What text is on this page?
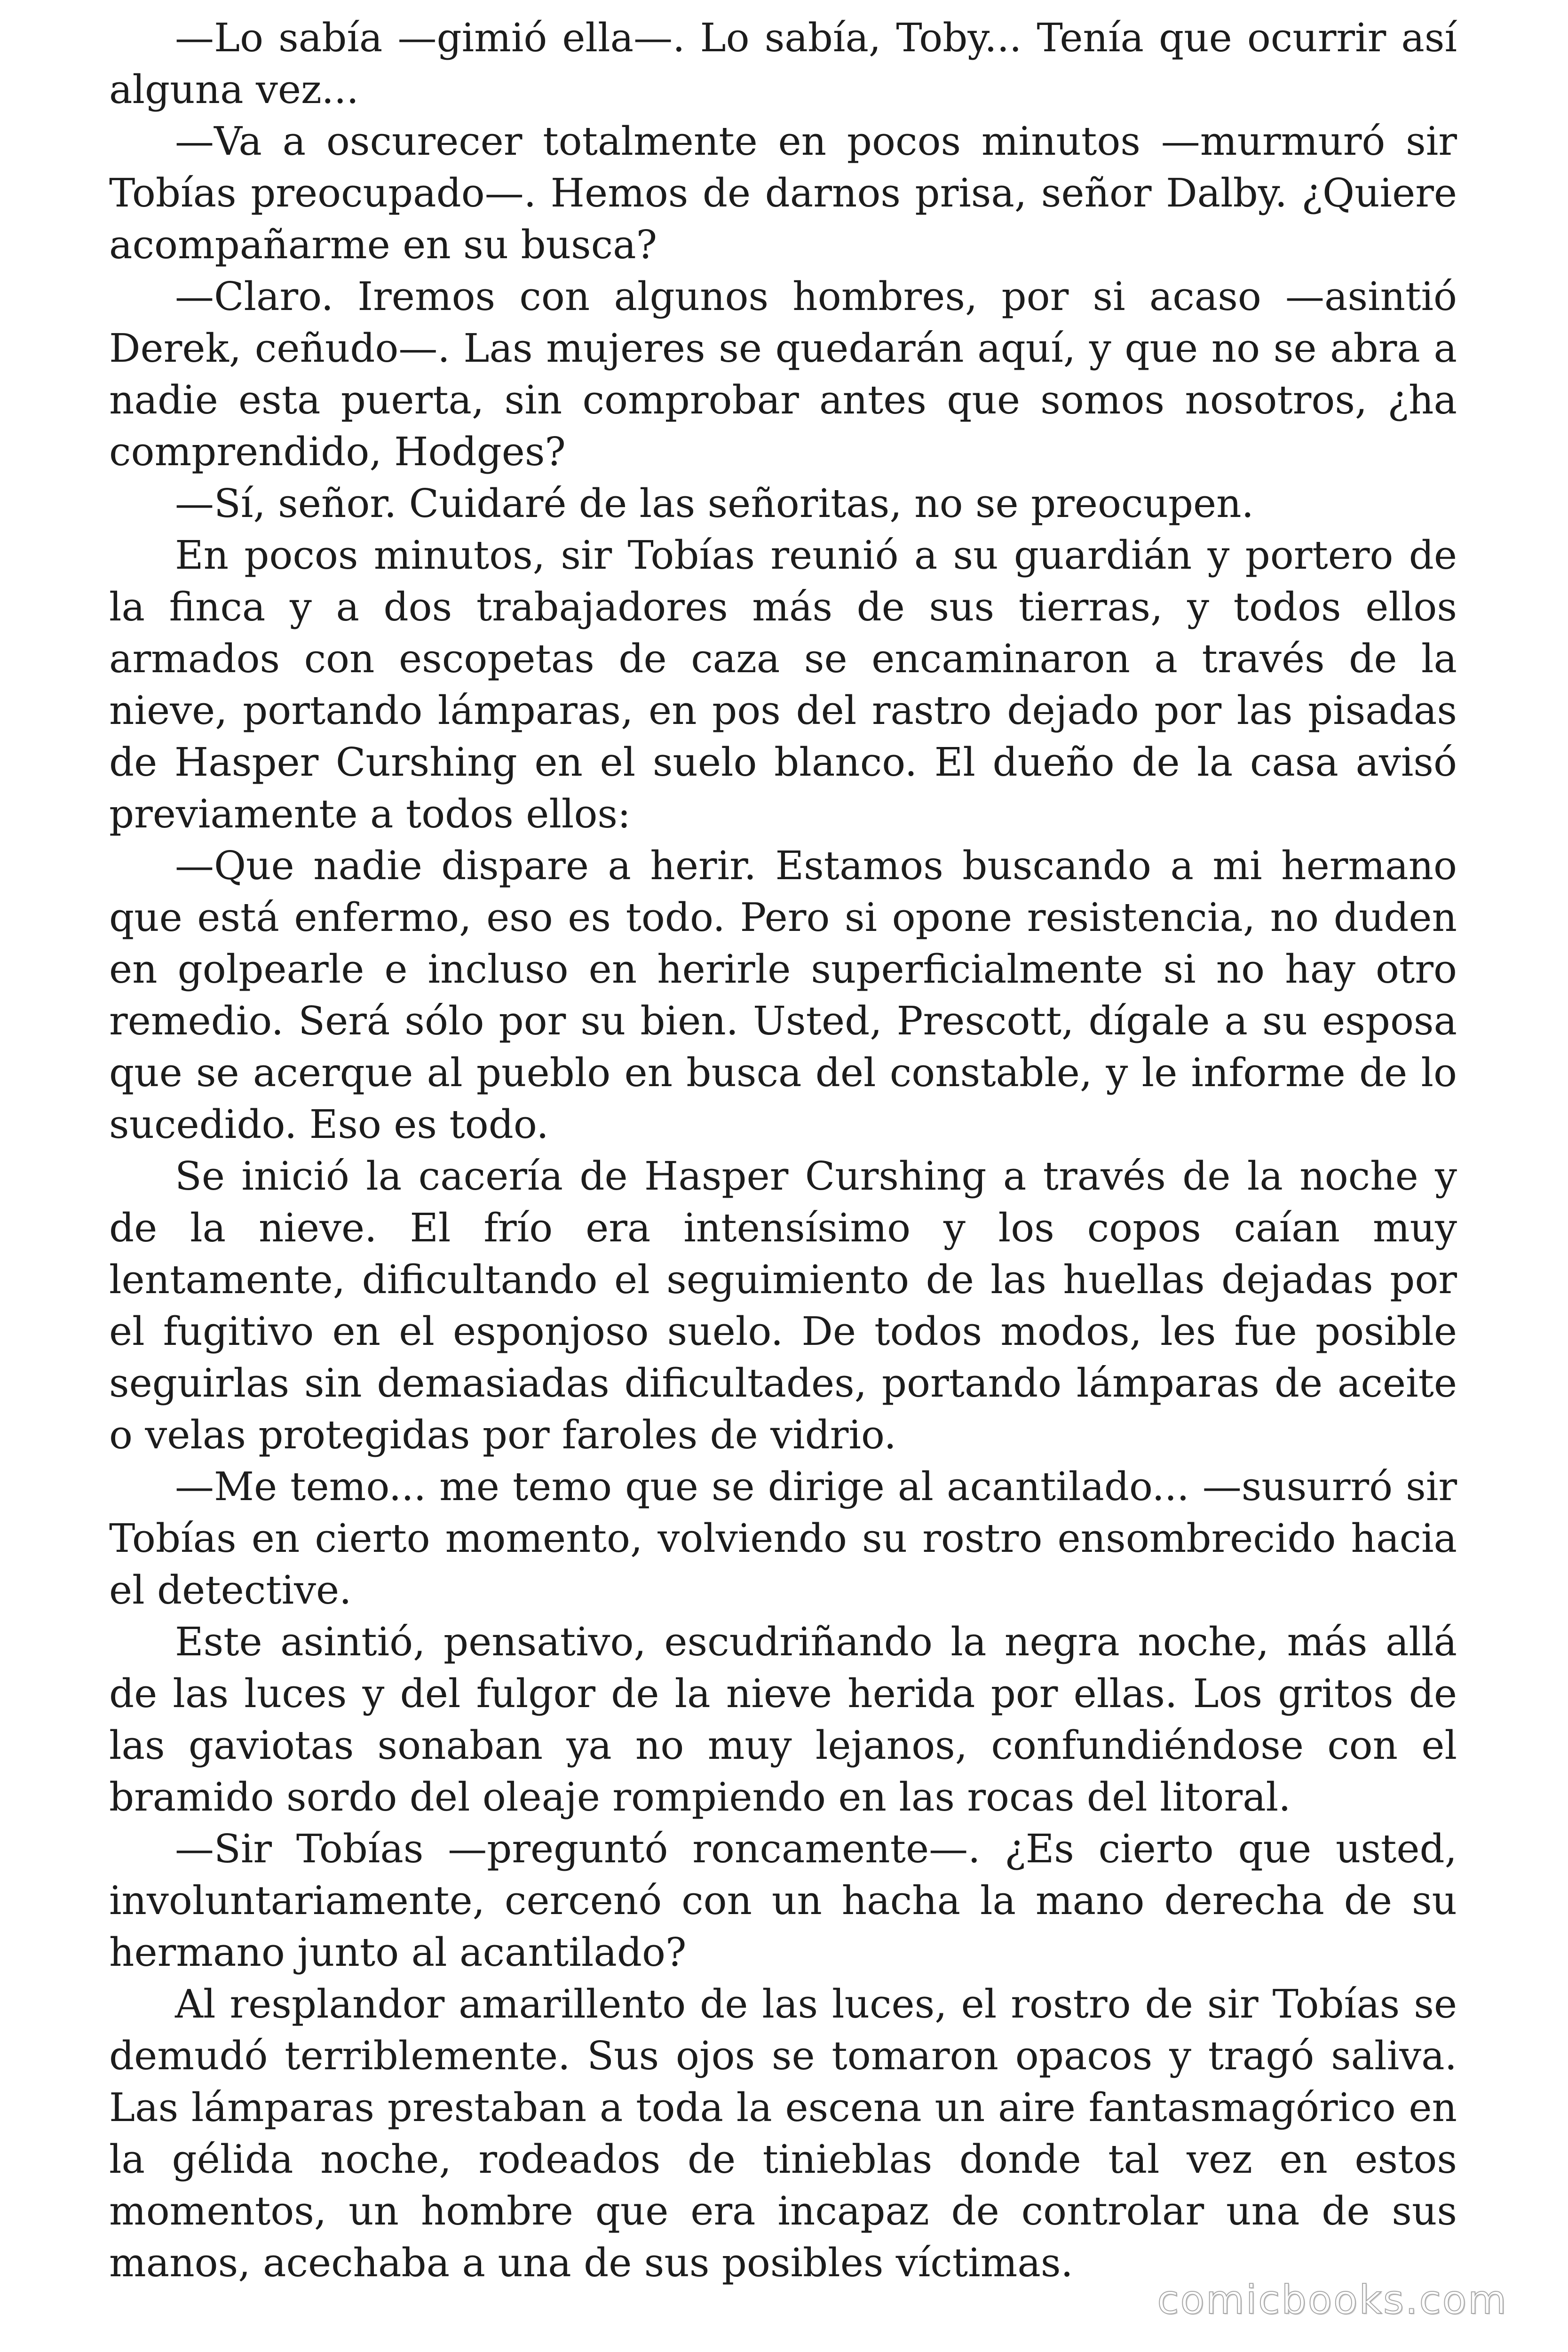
—Lo sabía —gimió ella—. Lo sabía, Toby... Tenía que ocurrir así alguna vez...

—Va a oscurecer totalmente en pocos minutos —murmuró sir Tobías preocupado—. Hemos de darnos prisa, señor Dalby. ¿Quiere acompañarme en su busca?

—Claro. Iremos con algunos hombres, por si acaso —asintió Derek, ceñudo—. Las mujeres se quedarán aquí, y que no se abra a nadie esta puerta, sin comprobar antes que somos nosotros, ¿ha comprendido, Hodges?

—Sí, señor. Cuidaré de las señoritas, no se preocupen.

En pocos minutos, sir Tobías reunió a su guardián y portero de la finca y a dos trabajadores más de sus tierras, y todos ellos armados con escopetas de caza se encaminaron a través de la nieve, portando lámparas, en pos del rastro dejado por las pisadas de Hasper Curshing en el suelo blanco. El dueño de la casa avisó previamente a todos ellos:

—Que nadie dispare a herir. Estamos buscando a mi hermano que está enfermo, eso es todo. Pero si opone resistencia, no duden en golpearle e incluso en herirle superficialmente si no hay otro remedio. Será sólo por su bien. Usted, Prescott, dígale a su esposa que se acerque al pueblo en busca del constable, y le informe de lo sucedido. Eso es todo.

Se inició la cacería de Hasper Curshing a través de la noche y de la nieve. El frío era intensísimo y los copos caían muy lentamente, dificultando el seguimiento de las huellas dejadas por el fugitivo en el esponjoso suelo. De todos modos, les fue posible seguirlas sin demasiadas dificultades, portando lámparas de aceite o velas protegidas por faroles de vidrio.

—Me temo... me temo que se dirige al acantilado... —susurró sir Tobías en cierto momento, volviendo su rostro ensombrecido hacia el detective.

Este asintió, pensativo, escudriñando la negra noche, más allá de las luces y del fulgor de la nieve herida por ellas. Los gritos de las gaviotas sonaban ya no muy lejanos, confundiéndose con el bramido sordo del oleaje rompiendo en las rocas del litoral.

—Sir Tobías —preguntó roncamente—. ¿Es cierto que usted, involuntariamente, cercenó con un hacha la mano derecha de su hermano junto al acantilado?

Al resplandor amarillento de las luces, el rostro de sir Tobías se demudó terriblemente. Sus ojos se tomaron opacos y tragó saliva. Las lámparas prestaban a toda la escena un aire fantasmagórico en la gélida noche, rodeados de tinieblas donde tal vez en estos momentos, un hombre que era incapaz de controlar una de sus manos, acechaba a una de sus posibles víctimas.

comicbooks.com
